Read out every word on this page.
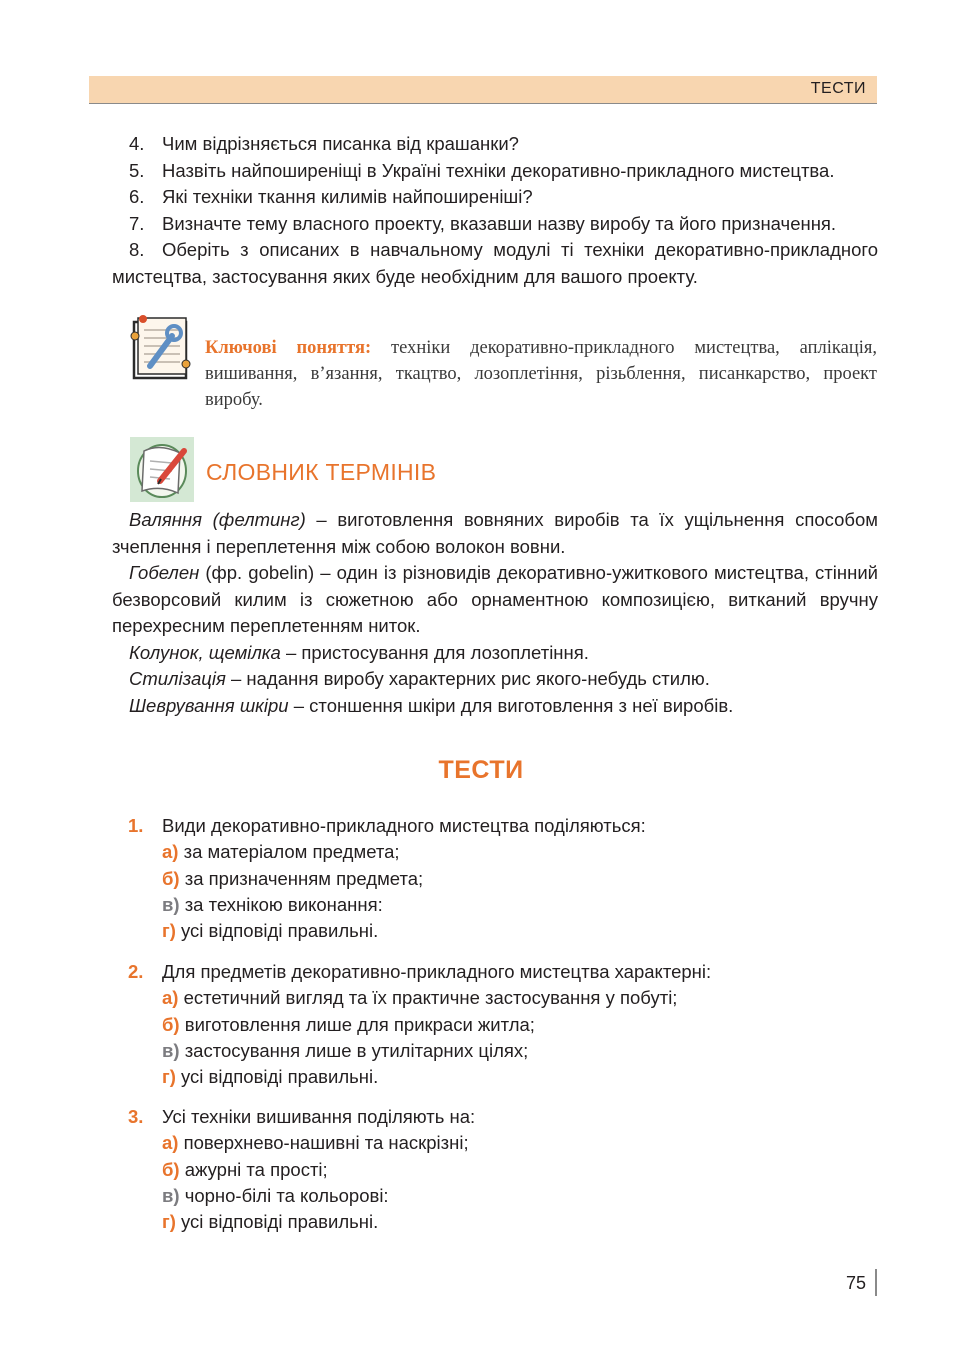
ТЕСТИ

4. Чим відрізняється писанка від крашанки?

5. Назвіть найпоширеніщі в Україні техніки декоративно-прикладного мистецтва.

6. Які техніки ткання килимів найпоширеніші?

7. Визначте тему власного проекту, вказавши назву виробу та його призначення.

8. Оберіть з описаних в навчальному модулі ті техніки декоративно-прикладного мистецтва, застосування яких буде необхідним для вашого проекту.

Ключові поняття: техніки декоративно-прикладного мистецтва, аплікація, вишивання, в’язання, ткацтво, лозоплетіння, різьблення, писанкарство, проект виробу.
СЛОВНИК ТЕРМІНІВ

Валяння (фелтинг) – виготовлення вовняних виробів та їх ущільнення способом зчеплення і переплетення між собою волокон вовни.

Гобелен (фр. gobelin) – один із різновидів декоративно-ужиткового мистецтва, стінний безворсовий килим із сюжетною або орнаментною композицією, витканий вручну перехресним переплетенням ниток.

Колунок, щемілка – пристосування для лозоплетіння.

Стилізація – надання виробу характерних рис якого-небудь стилю.

Шеврування шкіри – стоншення шкіри для виготовлення з неї виробів.

ТЕСТИ
1. Види декоративно-прикладного мистецтва поділяються:
а) за матеріалом предмета;
б) за призначенням предмета;
в) за технікою виконання:
г) усі відповіді правильні.
2. Для предметів декоративно-прикладного мистецтва характерні:
а) естетичний вигляд та їх практичне застосування у побуті;
б) виготовлення лише для прикраси житла;
в) застосування лише в утилітарних цілях;
г) усі відповіді правильні.
3. Усі техніки вишивання поділяють на:
а) поверхнево-нашивні та наскрізні;
б) ажурні та прості;
в) чорно-білі та кольорові:
г) усі відповіді правильні.
75
